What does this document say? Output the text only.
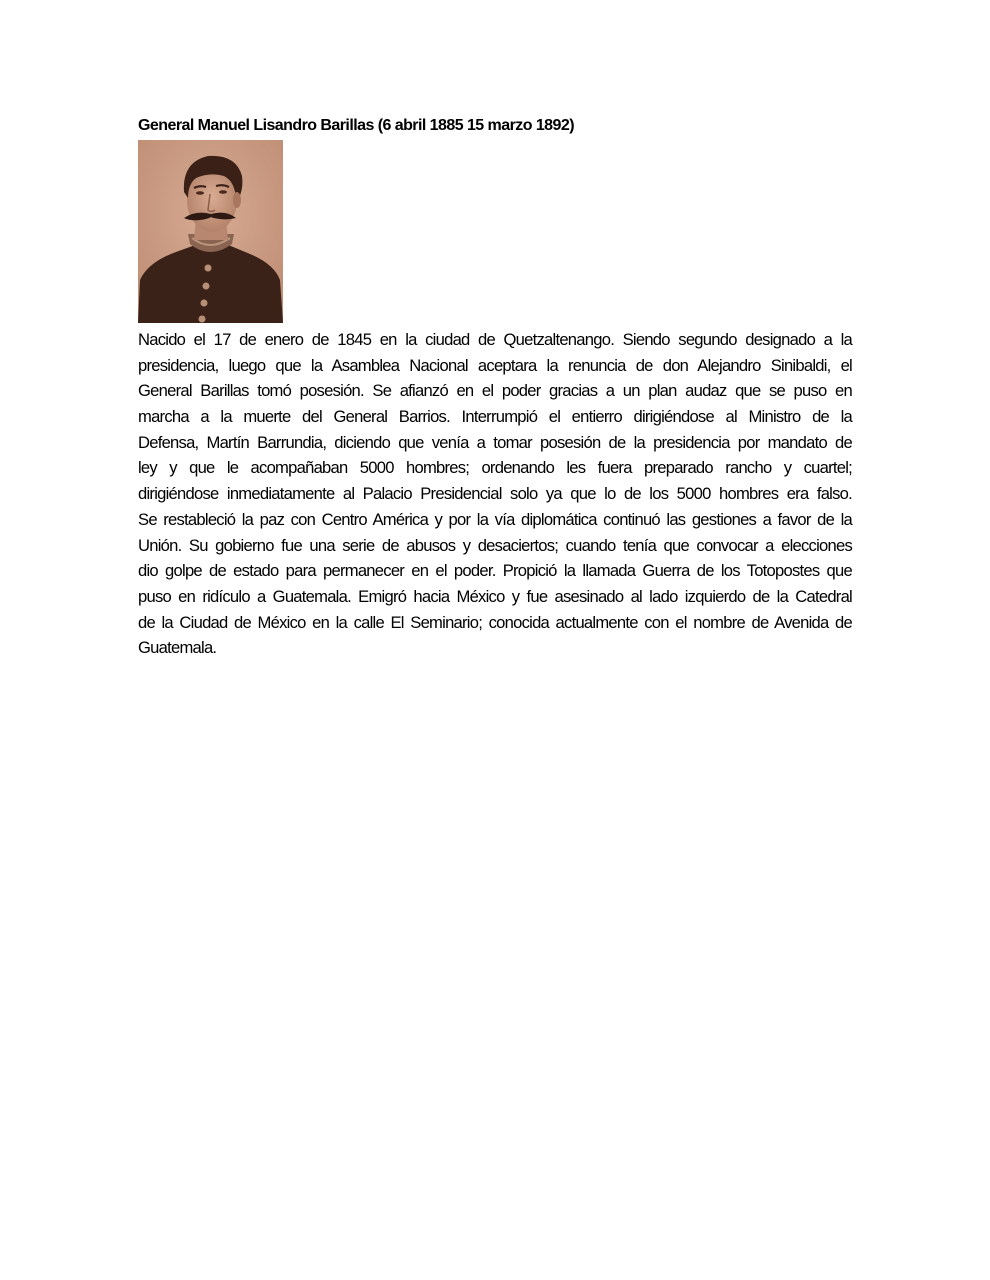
General Manuel Lisandro Barillas (6 abril 1885 15 marzo 1892)
Nacido el 17 de enero de 1845 en la ciudad de Quetzaltenango. Siendo segundo designado a la
presidencia, luego que la Asamblea Nacional aceptara la renuncia de don Alejandro Sinibaldi, el
General Barillas tomó posesión. Se afianzó en el poder gracias a un plan audaz que se puso en
marcha a la muerte del General Barrios. Interrumpió el entierro dirigiéndose al Ministro de la
Defensa, Martín Barrundia, diciendo que venía a tomar posesión de la presidencia por mandato de
ley y que le acompañaban 5000 hombres; ordenando les fuera preparado rancho y cuartel;
dirigiéndose inmediatamente al Palacio Presidencial solo ya que lo de los 5000 hombres era falso.
Se restableció la paz con Centro América y por la vía diplomática continuó las gestiones a favor de la
Unión. Su gobierno fue una serie de abusos y desaciertos; cuando tenía que convocar a elecciones
dio golpe de estado para permanecer en el poder. Propició la llamada Guerra de los Totopostes que
puso en ridículo a Guatemala. Emigró hacia México y fue asesinado al lado izquierdo de la Catedral
de la Ciudad de México en la calle El Seminario; conocida actualmente con el nombre de Avenida de
Guatemala.
